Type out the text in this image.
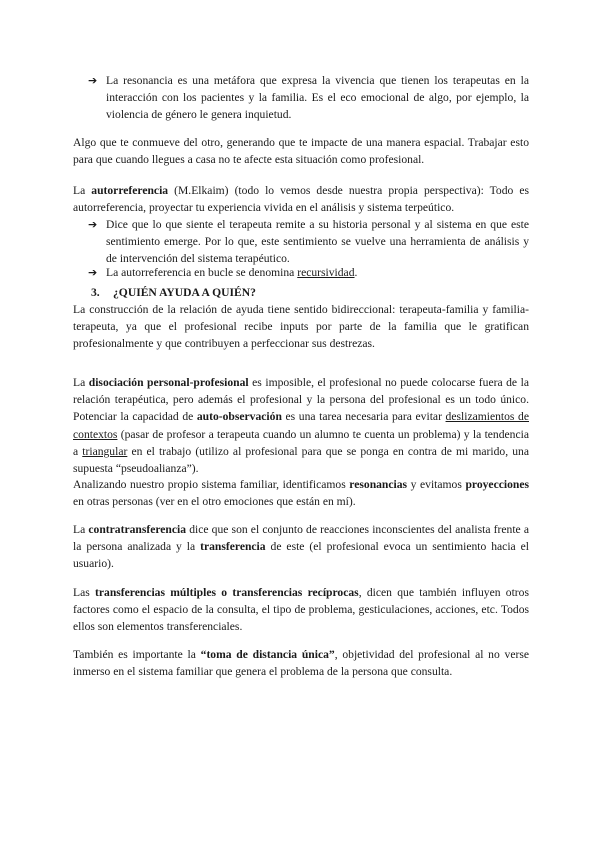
➔ La resonancia es una metáfora que expresa la vivencia que tienen los terapeutas en la interacción con los pacientes y la familia. Es el eco emocional de algo, por ejemplo, la violencia de género le genera inquietud.

Algo que te conmueve del otro, generando que te impacte de una manera espacial. Trabajar esto para que cuando llegues a casa no te afecte esta situación como profesional.

La autorreferencia (M.Elkaim) (todo lo vemos desde nuestra propia perspectiva): Todo es autorreferencia, proyectar tu experiencia vivida en el análisis y sistema terpeútico.

➔ Dice que lo que siente el terapeuta remite a su historia personal y al sistema en que este sentimiento emerge. Por lo que, este sentimiento se vuelve una herramienta de análisis y de intervención del sistema terapéutico.
➔ La autorreferencia en bucle se denomina recursividad.

3. ¿QUIÉN AYUDA A QUIÉN?

La construcción de la relación de ayuda tiene sentido bidireccional: terapeuta-familia y familia-terapeuta, ya que el profesional recibe inputs por parte de la familia que le gratifican profesionalmente y que contribuyen a perfeccionar sus destrezas.

La disociación personal-profesional es imposible, el profesional no puede colocarse fuera de la relación terapéutica, pero además el profesional y la persona del profesional es un todo único. Potenciar la capacidad de auto-observación es una tarea necesaria para evitar deslizamientos de contextos (pasar de profesor a terapeuta cuando un alumno te cuenta un problema) y la tendencia a triangular en el trabajo (utilizo al profesional para que se ponga en contra de mi marido, una supuesta “pseudoalianza”).

Analizando nuestro propio sistema familiar, identificamos resonancias y evitamos proyecciones en otras personas (ver en el otro emociones que están en mí).

La contratransferencia dice que son el conjunto de reacciones inconscientes del analista frente a la persona analizada y la transferencia de este (el profesional evoca un sentimiento hacia el usuario).

Las transferencias múltiples o transferencias recíprocas, dicen que también influyen otros factores como el espacio de la consulta, el tipo de problema, gesticulaciones, acciones, etc. Todos ellos son elementos transferenciales.

También es importante la “toma de distancia única”, objetividad del profesional al no verse inmerso en el sistema familiar que genera el problema de la persona que consulta.
